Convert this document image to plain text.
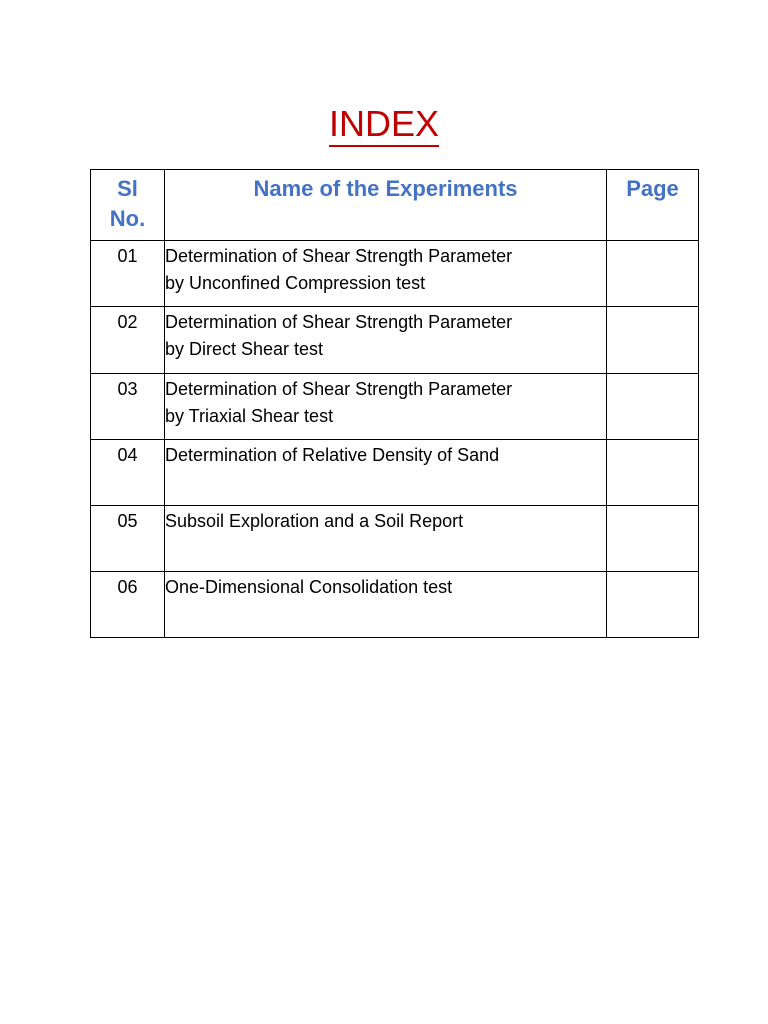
INDEX
Sl
No.	Name of the Experiments	Page
01	Determination of Shear Strength Parameter
by Unconfined Compression test	

02	Determination of Shear Strength Parameter
by Direct Shear test	

03	Determination of Shear Strength Parameter
by Triaxial Shear test	

04	Determination of Relative Density of Sand	

05	Subsoil Exploration and a Soil Report	

06	One-Dimensional Consolidation test	
